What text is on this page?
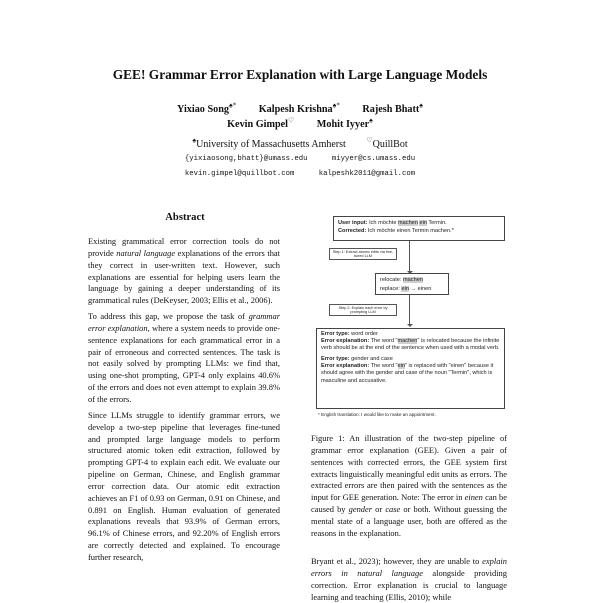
GEE! Grammar Error Explanation with Large Language Models
Yixiao Song♠* Kalpesh Krishna♠* Rajesh Bhatt♠
Kevin Gimpel♡ Mohit Iyyer♠
♠University of Massachusetts Amherst	♡QuillBot
{yixiaosong,bhatt}@umass.edu	miyyer@cs.umass.edu
kevin.gimpel@quillbot.com	kalpeshk2011@gmail.com
Abstract

Existing grammatical error correction tools do not provide natural language explanations of the errors that they correct in user-written text. However, such explanations are essential for helping users learn the language by gaining a deeper understanding of its grammatical rules (DeKeyser, 2003; Ellis et al., 2006).

To address this gap, we propose the task of grammar error explanation, where a system needs to provide one-sentence explanations for each grammatical error in a pair of erroneous and corrected sentences. The task is not easily solved by prompting LLMs: we find that, using one-shot prompting, GPT-4 only explains 40.6% of the errors and does not even attempt to explain 39.8% of the errors.

Since LLMs struggle to identify grammar errors, we develop a two-step pipeline that leverages fine-tuned and prompted large language models to perform structured atomic token edit extraction, followed by prompting GPT-4 to explain each edit. We evaluate our pipeline on German, Chinese, and English grammar error correction data. Our atomic edit extraction achieves an F1 of 0.93 on German, 0.91 on Chinese, and 0.891 on English. Human evaluation of generated explanations reveals that 93.9% of German errors, 96.1% of Chinese errors, and 92.20% of English errors are correctly detected and explained. To encourage further research,

User input: Ich möchte machen ein Termin.
Corrected: Ich möchte einen Termin machen.*
Step 1: Extract atomic edits via fine-tuned LLM
relocate: machen
replace: ein → einen
Step 2: Explain each error by prompting LLM
Error type: word order
Error explanation: The word "machen" is relocated because the infinite verb should be at the end of the sentence when used with a modal verb.
Error type: gender and case
Error explanation: The word "ein" is replaced with "einen" because it should agree with the gender and case of the noun "Termin", which is masculine and accusative.
* English translation: I would like to make an appointment.
Figure 1: An illustration of the two-step pipeline of grammar error explanation (GEE). Given a pair of sentences with corrected errors, the GEE system first extracts linguistically meaningful edit units as errors. The extracted errors are then paired with the sentences as the input for GEE generation. Note: The error in einen can be caused by gender or case or both. Without guessing the mental state of a language user, both are offered as the reasons in the explanation.

Bryant et al., 2023); however, they are unable to explain errors in natural language alongside providing correction. Error explanation is crucial to language learning and teaching (Ellis, 2010); while
